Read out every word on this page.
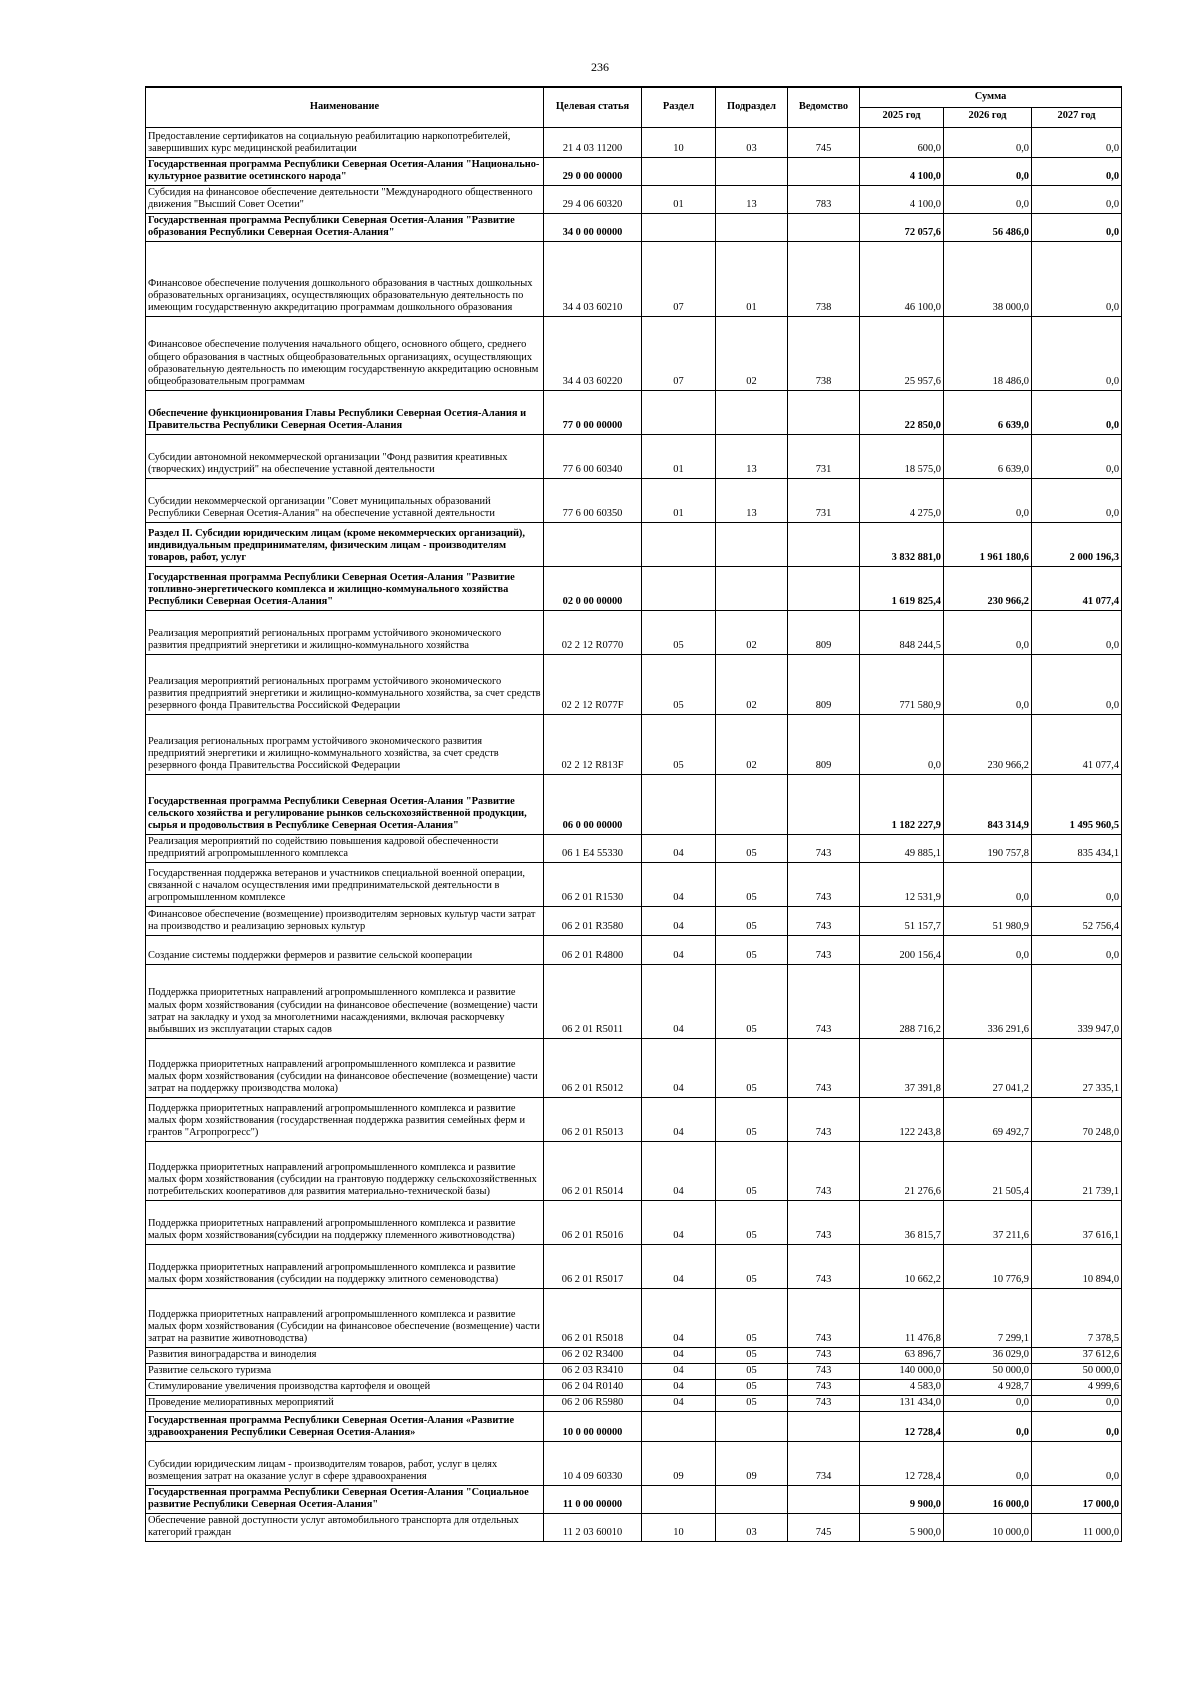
236
Наименование	Целевая статья	Раздел	Подраздел	Ведомство	Сумма		
					2025 год	2026 год	2027 год
Предоставление сертификатов на социальную реабилитацию наркопотребителей, завершивших курс медицинской реабилитации	21 4 03 11200	10	03	745	600,0	0,0	0,0
Государственная программа Республики Северная Осетия-Алания "Национально-культурное развитие осетинского народа"	29 0 00 00000				4 100,0	0,0	0,0
Субсидия на финансовое обеспечение деятельности "Международного общественного движения "Высший Совет Осетии"	29 4 06 60320	01	13	783	4 100,0	0,0	0,0
Государственная программа Республики Северная Осетия-Алания "Развитие образования Республики Северная Осетия-Алания"	34 0 00 00000				72 057,6	56 486,0	0,0
Финансовое обеспечение получения дошкольного образования в частных дошкольных образовательных организациях, осуществляющих образовательную деятельность по имеющим государственную аккредитацию программам дошкольного образования	34 4 03 60210	07	01	738	46 100,0	38 000,0	0,0
Финансовое обеспечение получения начального общего, основного общего, среднего общего образования в частных общеобразовательных организациях, осуществляющих образовательную деятельность по имеющим государственную аккредитацию основным общеобразовательным программам	34 4 03 60220	07	02	738	25 957,6	18 486,0	0,0
Обеспечение функционирования Главы Республики Северная Осетия-Алания и Правительства Республики Северная Осетия-Алания	77 0 00 00000				22 850,0	6 639,0	0,0
Субсидии автономной некоммерческой организации "Фонд развития креативных (творческих) индустрий" на обеспечение уставной деятельности	77 6 00 60340	01	13	731	18 575,0	6 639,0	0,0
Субсидии некоммерческой организации "Совет муниципальных образований Республики Северная Осетия-Алания" на обеспечение уставной деятельности	77 6 00 60350	01	13	731	4 275,0	0,0	0,0
Раздел II. Субсидии юридическим лицам (кроме некоммерческих организаций), индивидуальным предпринимателям, физическим лицам - производителям товаров, работ, услуг					3 832 881,0	1 961 180,6	2 000 196,3
Государственная программа Республики Северная Осетия-Алания "Развитие топливно-энергетического комплекса и жилищно-коммунального хозяйства Республики Северная Осетия-Алания"	02 0 00 00000				1 619 825,4	230 966,2	41 077,4
Реализация мероприятий региональных программ устойчивого экономического развития предприятий энергетики и жилищно-коммунального хозяйства	02 2 12 R0770	05	02	809	848 244,5	0,0	0,0
Реализация мероприятий региональных программ устойчивого экономического развития предприятий энергетики и жилищно-коммунального хозяйства, за счет средств резервного фонда Правительства Российской Федерации	02 2 12 R077F	05	02	809	771 580,9	0,0	0,0
Реализация региональных программ устойчивого экономического развития предприятий энергетики и жилищно-коммунального хозяйства, за счет средств резервного фонда Правительства Российской Федерации	02 2 12 R813F	05	02	809	0,0	230 966,2	41 077,4
Государственная программа Республики Северная Осетия-Алания "Развитие сельского хозяйства и регулирование рынков сельскохозяйственной продукции, сырья и продовольствия в Республике Северная Осетия-Алания"	06 0 00 00000				1 182 227,9	843 314,9	1 495 960,5
Реализация мероприятий по содействию повышения кадровой обеспеченности предприятий агропромышленного комплекса	06 1 E4 55330	04	05	743	49 885,1	190 757,8	835 434,1
Государственная поддержка ветеранов и участников специальной военной операции, связанной с началом осуществления ими предпринимательской деятельности в агропромышленном комплексе	06 2 01 R1530	04	05	743	12 531,9	0,0	0,0
Финансовое обеспечение (возмещение) производителям зерновых культур части затрат на производство и реализацию зерновых культур	06 2 01 R3580	04	05	743	51 157,7	51 980,9	52 756,4
Создание системы поддержки фермеров и развитие сельской кооперации	06 2 01 R4800	04	05	743	200 156,4	0,0	0,0
Поддержка приоритетных направлений агропромышленного комплекса и развитие малых форм хозяйствования (субсидии на финансовое обеспечение (возмещение) части затрат на закладку и уход за многолетними насаждениями, включая раскорчевку выбывших из эксплуатации старых садов	06 2 01 R5011	04	05	743	288 716,2	336 291,6	339 947,0
Поддержка приоритетных направлений агропромышленного комплекса и развитие малых форм хозяйствования (субсидии на финансовое обеспечение (возмещение) части затрат на поддержку производства молока)	06 2 01 R5012	04	05	743	37 391,8	27 041,2	27 335,1
Поддержка приоритетных направлений агропромышленного комплекса и развитие малых форм хозяйствования (государственная поддержка развития семейных ферм и грантов "Агропрогресс")	06 2 01 R5013	04	05	743	122 243,8	69 492,7	70 248,0
Поддержка приоритетных направлений агропромышленного комплекса и развитие малых форм хозяйствования (субсидии на грантовую поддержку сельскохозяйственных потребительских кооперативов для развития материально-технической базы)	06 2 01 R5014	04	05	743	21 276,6	21 505,4	21 739,1
Поддержка приоритетных направлений агропромышленного комплекса и развитие малых форм хозяйствования(субсидии на поддержку племенного животноводства)	06 2 01 R5016	04	05	743	36 815,7	37 211,6	37 616,1
Поддержка приоритетных направлений агропромышленного комплекса и развитие малых форм хозяйствования (субсидии на поддержку элитного семеноводства)	06 2 01 R5017	04	05	743	10 662,2	10 776,9	10 894,0
Поддержка приоритетных направлений агропромышленного комплекса и развитие малых форм хозяйствования (Субсидии на финансовое обеспечение (возмещение) части затрат на развитие животноводства)	06 2 01 R5018	04	05	743	11 476,8	7 299,1	7 378,5
Развития виноградарства и виноделия	06 2 02 R3400	04	05	743	63 896,7	36 029,0	37 612,6
Развитие сельского туризма	06 2 03 R3410	04	05	743	140 000,0	50 000,0	50 000,0
Стимулирование увеличения производства картофеля и овощей	06 2 04 R0140	04	05	743	4 583,0	4 928,7	4 999,6
Проведение мелиоративных мероприятий	06 2 06 R5980	04	05	743	131 434,0	0,0	0,0
Государственная программа Республики Северная Осетия-Алания «Развитие здравоохранения Республики Северная Осетия-Алания»	10 0 00 00000				12 728,4	0,0	0,0
Субсидии юридическим лицам - производителям товаров, работ, услуг в целях возмещения затрат на оказание услуг в сфере здравоохранения	10 4 09 60330	09	09	734	12 728,4	0,0	0,0
Государственная программа Республики Северная Осетия-Алания "Социальное развитие Республики Северная Осетия-Алания"	11 0 00 00000				9 900,0	16 000,0	17 000,0
Обеспечение равной доступности услуг автомобильного транспорта для отдельных категорий граждан	11 2 03 60010	10	03	745	5 900,0	10 000,0	11 000,0
